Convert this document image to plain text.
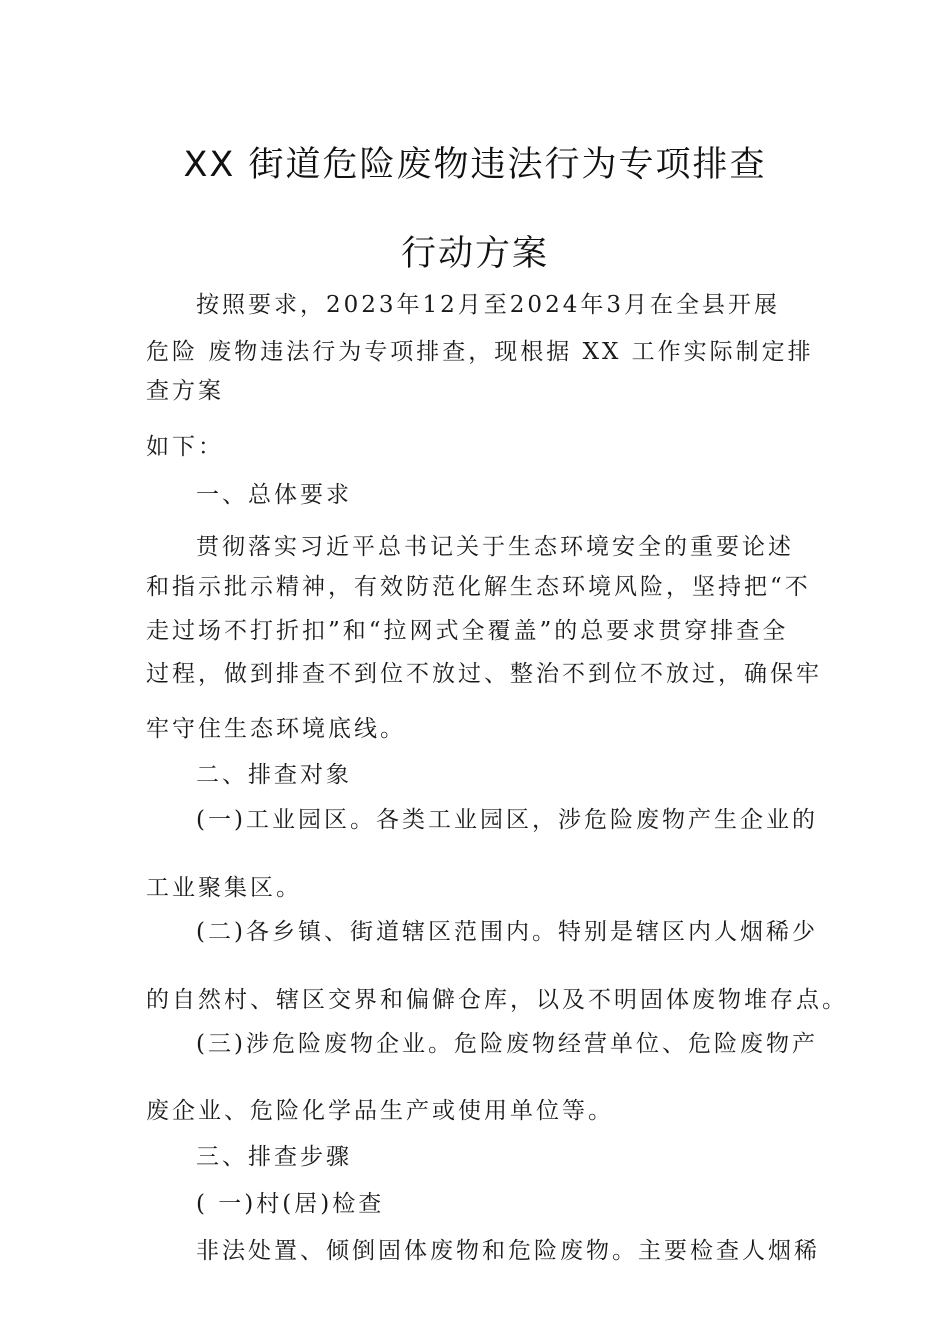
XX 街道危险废物违法行为专项排查
行动方案
按照要求，2023年12月至2024年3月在全县开展
危险 废物违法行为专项排查，现根据 XX 工作实际制定排
查方案
如下：
一、总体要求
贯彻落实习近平总书记关于生态环境安全的重要论述
和指示批示精神，有效防范化解生态环境风险，坚持把“不
走过场不打折扣”和“拉网式全覆盖”的总要求贯穿排查全
过程，做到排查不到位不放过、整治不到位不放过，确保牢
牢守住生态环境底线。
二、排查对象
(一)工业园区。各类工业园区，涉危险废物产生企业的
工业聚集区。
(二)各乡镇、街道辖区范围内。特别是辖区内人烟稀少
的自然村、辖区交界和偏僻仓库，以及不明固体废物堆存点。
(三)涉危险废物企业。危险废物经营单位、危险废物产
废企业、危险化学品生产或使用单位等。
三、排查步骤
( 一)村(居)检查
非法处置、倾倒固体废物和危险废物。主要检查人烟稀
